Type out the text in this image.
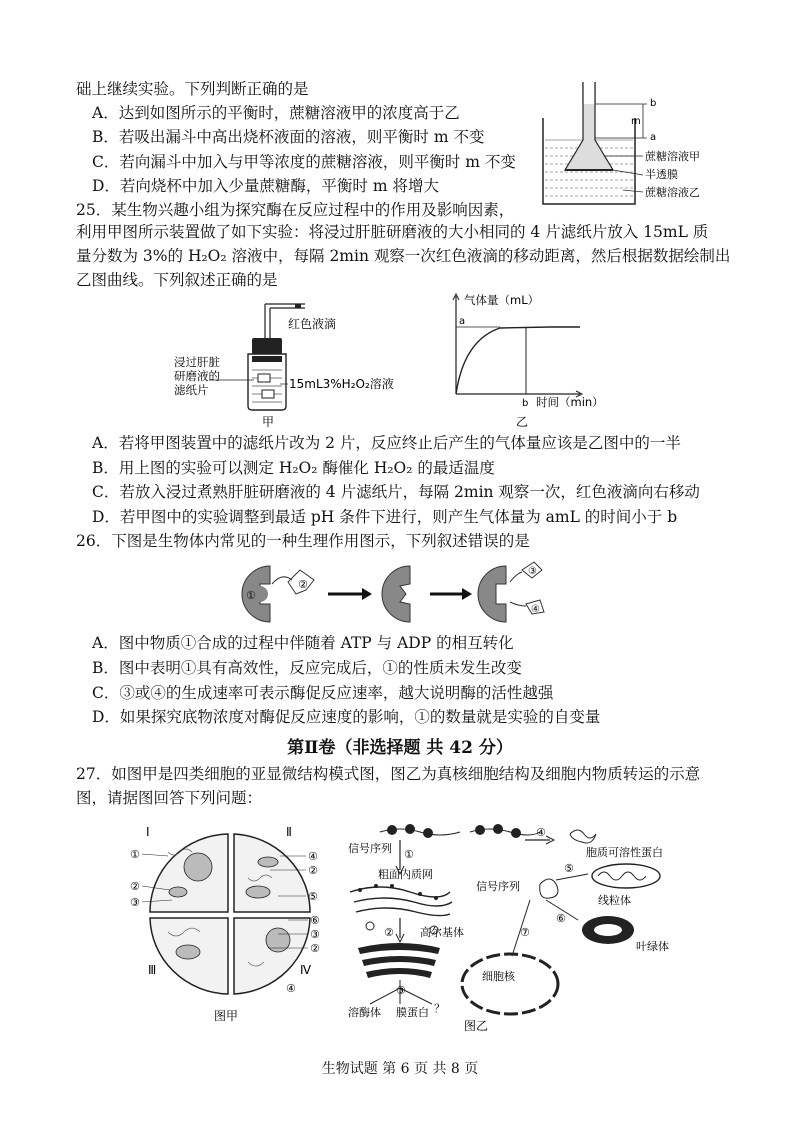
础上继续实验。下列判断正确的是
A．达到如图所示的平衡时，蔗糖溶液甲的浓度高于乙
B．若吸出漏斗中高出烧杯液面的溶液，则平衡时 m 不变
C．若向漏斗中加入与甲等浓度的蔗糖溶液，则平衡时 m 不变
D．若向烧杯中加入少量蔗糖酶，平衡时 m 将增大
b
m
a
蔗糖溶液甲
半透膜
蔗糖溶液乙
25．某生物兴趣小组为探究酶在反应过程中的作用及影响因素，
利用甲图所示装置做了如下实验：将浸过肝脏研磨液的大小相同的 4 片滤纸片放入 15mL 质
量分数为 3%的 H₂O₂ 溶液中，每隔 2min 观察一次红色液滴的移动距离，然后根据数据绘制出
乙图曲线。下列叙述正确的是
红色液滴
浸过肝脏
研磨液的
滤纸片	15mL3%H₂O₂溶液
甲
气体量（mL）
a
b 时间（min）
乙
A．若将甲图装置中的滤纸片改为 2 片，反应终止后产生的气体量应该是乙图中的一半
B．用上图的实验可以测定 H₂O₂ 酶催化 H₂O₂ 的最适温度
C．若放入浸过煮熟肝脏研磨液的 4 片滤纸片，每隔 2min 观察一次，红色液滴向右移动
D．若甲图中的实验调整到最适 pH 条件下进行，则产生气体量为 amL 的时间小于 b
26．下图是生物体内常见的一种生理作用图示，下列叙述错误的是
①
②
③
④
A．图中物质①合成的过程中伴随着 ATP 与 ADP 的相互转化
B．图中表明①具有高效性，反应完成后，①的性质未发生改变
C．③或④的生成速率可表示酶促反应速率，越大说明酶的活性越强
D．如果探究底物浓度对酶促反应速度的影响，①的数量就是实验的自变量
第Ⅱ卷（非选择题 共 42 分）
27．如图甲是四类细胞的亚显微结构模式图，图乙为真核细胞结构及细胞内物质转运的示意
图，请据图回答下列问题：
Ⅰ	Ⅱ
Ⅲ	Ⅳ
①
②
③
④
②
⑤
⑥
③
②
④
图甲
信号序列 ①
粗面内质网
② 高尔基体
③
溶酶体 膜蛋白 ？
④
胞质可溶性蛋白
信号序列
⑤
线粒体
⑥
叶绿体
⑦
细胞核
图乙
生物试题 第 6 页 共 8 页
